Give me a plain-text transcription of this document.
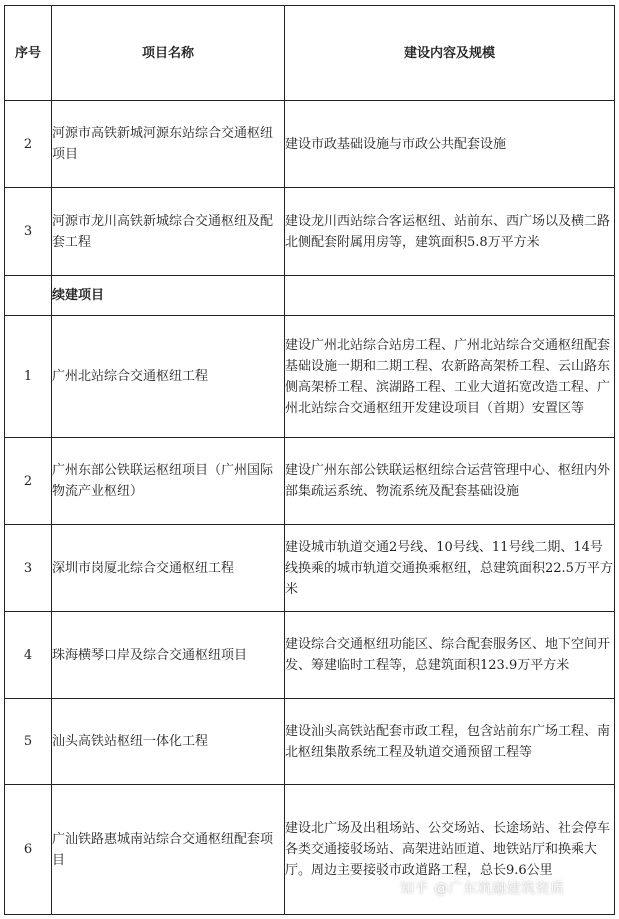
序号	项目名称	建设内容及规模
2	河源市高铁新城河源东站综合交通枢纽项目	建设市政基础设施与市政公共配套设施
3	河源市龙川高铁新城综合交通枢纽及配套工程	建设龙川西站综合客运枢纽、站前东、西广场以及横二路北侧配套附属用房等，建筑面积5.8万平方米
	续建项目	
1	广州北站综合交通枢纽工程	建设广州北站综合站房工程、广州北站综合交通枢纽配套基础设施一期和二期工程、农新路高架桥工程、云山路东侧高架桥工程、滨湖路工程、工业大道拓宽改造工程、广州北站综合交通枢纽开发建设项目（首期）安置区等
2	广州东部公铁联运枢纽项目（广州国际物流产业枢纽）	建设广州东部公铁联运枢纽综合运营管理中心、枢纽内外部集疏运系统、物流系统及配套基础设施
3	深圳市岗厦北综合交通枢纽工程	建设城市轨道交通2号线、10号线、11号线二期、14号线换乘的城市轨道交通换乘枢纽，总建筑面积22.5万平方米
4	珠海横琴口岸及综合交通枢纽项目	建设综合交通枢纽功能区、综合配套服务区、地下空间开发、筹建临时工程等，总建筑面积123.9万平方米
5	汕头高铁站枢纽一体化工程	建设汕头高铁站配套市政工程，包含站前东广场工程、南北枢纽集散系统工程及轨道交通预留工程等
6	广汕铁路惠城南站综合交通枢纽配套项目	建设北广场及出租场站、公交场站、长途场站、社会停车各类交通接驳场站、高架进站匝道、地铁站厅和换乘大厅。周边主要接驳市政道路工程，总长9.6公里
知乎 @广东筑融建筑资质
